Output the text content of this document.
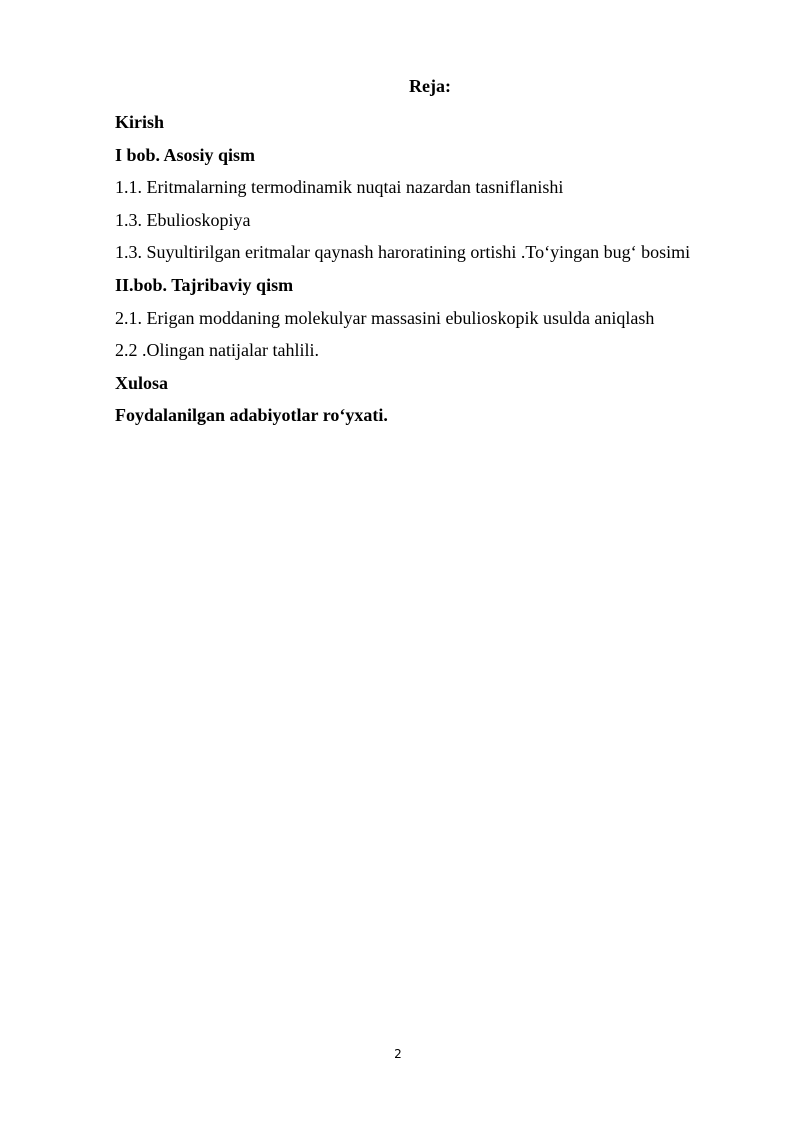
Reja:
Kirish
I bob. Asosiy qism
1.1. Eritmalarning termodinamik nuqtai nazardan tasniflanishi
1.3. Ebulioskopiya
1.3. Suyultirilgan eritmalar qaynash haroratining ortishi .To‘yingan bug‘ bosimi
II.bob. Tajribaviy qism
2.1. Erigan moddaning molekulyar massasini ebulioskopik usulda aniqlash
2.2 .Olingan natijalar tahlili.
Xulosa
Foydalanilgan adabiyotlar ro‘yxati.
2
